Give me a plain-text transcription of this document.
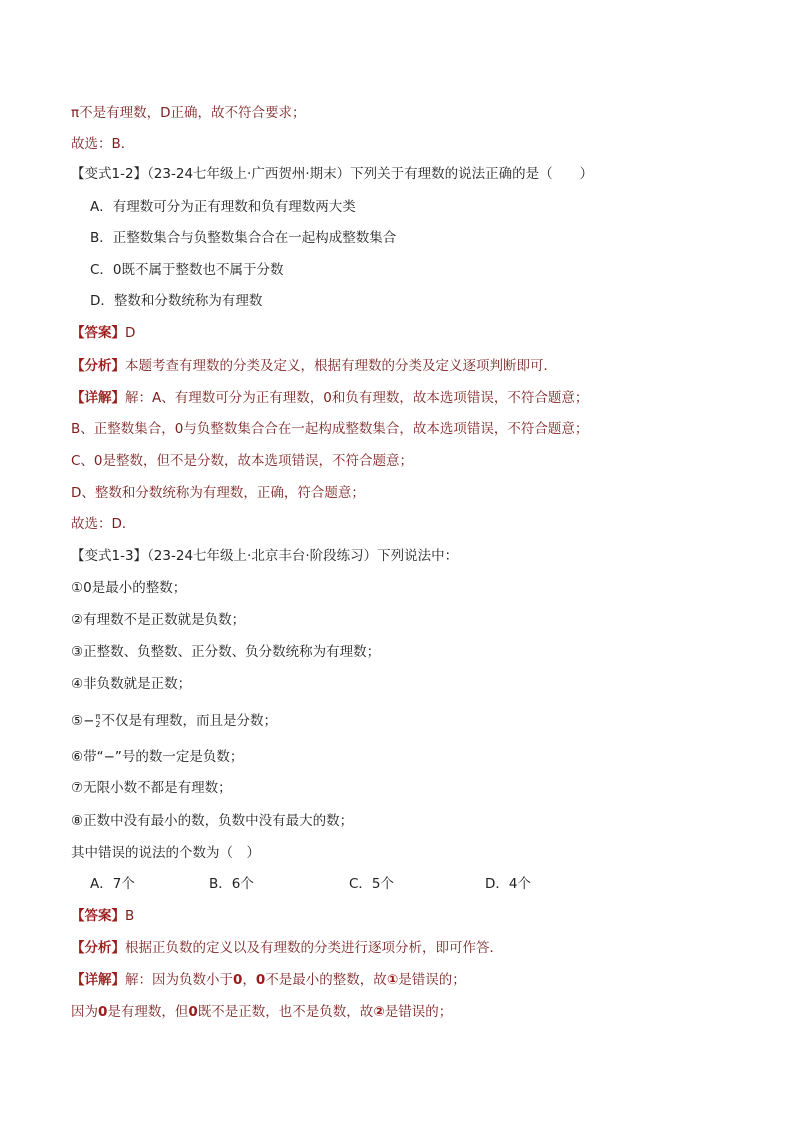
π不是有理数，D正确，故不符合要求；
故选：B．
【变式1-2】（23-24七年级上·广西贺州·期末）下列关于有理数的说法正确的是（　　）
A．有理数可分为正有理数和负有理数两大类
B．正整数集合与负整数集合合在一起构成整数集合
C．0既不属于整数也不属于分数
D．整数和分数统称为有理数
【答案】D
【分析】本题考查有理数的分类及定义，根据有理数的分类及定义逐项判断即可．
【详解】解：A、有理数可分为正有理数，0和负有理数，故本选项错误，不符合题意；
B、正整数集合，0与负整数集合合在一起构成整数集合，故本选项错误，不符合题意；
C、0是整数，但不是分数，故本选项错误，不符合题意；
D、整数和分数统称为有理数，正确，符合题意；
故选：D．
【变式1-3】（23-24七年级上·北京丰台·阶段练习）下列说法中：
①0是最小的整数；
②有理数不是正数就是负数；
③正整数、负整数、正分数、负分数统称为有理数；
④非负数就是正数；
⑤− π
2 不仅是有理数，而且是分数；
⑥带“−”号的数一定是负数；
⑦无限小数不都是有理数；
⑧正数中没有最小的数，负数中没有最大的数；
其中错误的说法的个数为（　）
A．7个	B．6个	C．5个	D．4个
【答案】B
【分析】根据正负数的定义以及有理数的分类进行逐项分析，即可作答．
【详解】解：因为负数小于0，0不是最小的整数，故①是错误的；
因为0是有理数，但0既不是正数，也不是负数，故②是错误的；
